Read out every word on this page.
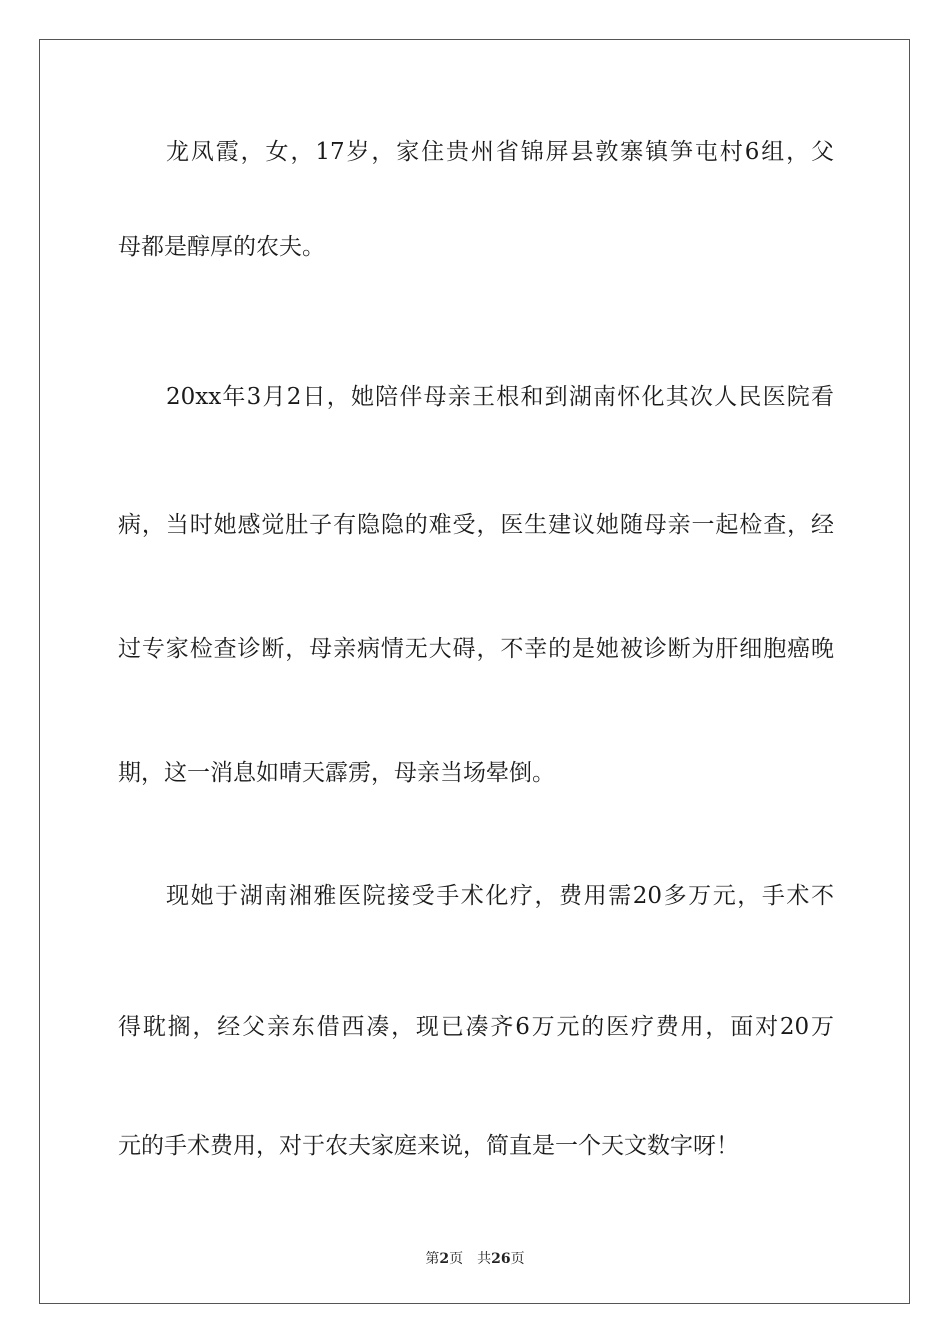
龙凤霞，女，17岁，家住贵州省锦屏县敦寨镇笋屯村6组，父
母都是醇厚的农夫。
20xx年3月2日，她陪伴母亲王根和到湖南怀化其次人民医院看
病，当时她感觉肚子有隐隐的难受，医生建议她随母亲一起检查，经
过专家检查诊断，母亲病情无大碍，不幸的是她被诊断为肝细胞癌晚
期，这一消息如晴天霹雳，母亲当场晕倒。
现她于湖南湘雅医院接受手术化疗，费用需20多万元，手术不
得耽搁，经父亲东借西凑，现已凑齐6万元的医疗费用，面对20万
元的手术费用，对于农夫家庭来说，简直是一个天文数字呀！
第2页 共26页
